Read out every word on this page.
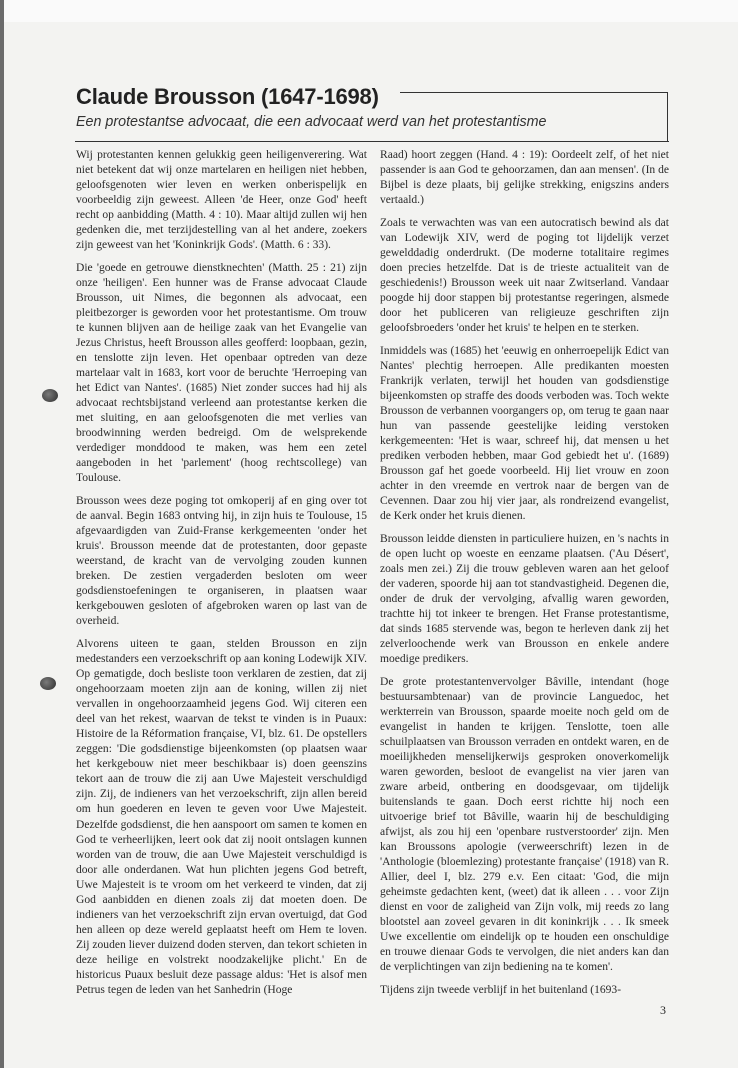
Claude Brousson (1647-1698)
Een protestantse advocaat, die een advocaat werd van het protestantisme

Wij protestanten kennen gelukkig geen heiligenverering. Wat niet betekent dat wij onze martelaren en heiligen niet hebben, geloofsgenoten wier leven en werken onberispelijk en voorbeeldig zijn geweest. Alleen 'de Heer, onze God' heeft recht op aanbidding (Matth. 4 : 10). Maar altijd zullen wij hen gedenken die, met terzijdestelling van al het andere, zoekers zijn geweest van het 'Koninkrijk Gods'. (Matth. 6 : 33).

Die 'goede en getrouwe dienstknechten' (Matth. 25 : 21) zijn onze 'heiligen'. Een hunner was de Franse advocaat Claude Brousson, uit Nimes, die begonnen als advocaat, een pleitbezorger is geworden voor het protestantisme. Om trouw te kunnen blijven aan de heilige zaak van het Evangelie van Jezus Christus, heeft Brousson alles geofferd: loopbaan, gezin, en tenslotte zijn leven. Het openbaar optreden van deze martelaar valt in 1683, kort voor de beruchte 'Herroeping van het Edict van Nantes'. (1685) Niet zonder succes had hij als advocaat rechtsbijstand verleend aan protestantse kerken die met sluiting, en aan geloofsgenoten die met verlies van broodwinning werden bedreigd. Om de welsprekende verdediger monddood te maken, was hem een zetel aangeboden in het 'parlement' (hoog rechtscollege) van Toulouse.

Brousson wees deze poging tot omkoperij af en ging over tot de aanval. Begin 1683 ontving hij, in zijn huis te Toulouse, 15 afgevaardigden van Zuid-Franse kerkgemeenten 'onder het kruis'. Brousson meende dat de protestanten, door gepaste weerstand, de kracht van de vervolging zouden kunnen breken. De zestien vergaderden besloten om weer godsdienstoefeningen te organiseren, in plaatsen waar kerkgebouwen gesloten of afgebroken waren op last van de overheid.

Alvorens uiteen te gaan, stelden Brousson en zijn medestanders een verzoekschrift op aan koning Lodewijk XIV. Op gematigde, doch besliste toon verklaren de zestien, dat zij ongehoorzaam moeten zijn aan de koning, willen zij niet vervallen in ongehoorzaamheid jegens God. Wij citeren een deel van het rekest, waarvan de tekst te vinden is in Puaux: Histoire de la Réformation française, VI, blz. 61. De opstellers zeggen: 'Die godsdienstige bijeenkomsten (op plaatsen waar het kerkgebouw niet meer beschikbaar is) doen geenszins tekort aan de trouw die zij aan Uwe Majesteit verschuldigd zijn. Zij, de indieners van het verzoekschrift, zijn allen bereid om hun goederen en leven te geven voor Uwe Majesteit. Dezelfde godsdienst, die hen aanspoort om samen te komen en God te verheerlijken, leert ook dat zij nooit ontslagen kunnen worden van de trouw, die aan Uwe Majesteit verschuldigd is door alle onderdanen. Wat hun plichten jegens God betreft, Uwe Majesteit is te vroom om het verkeerd te vinden, dat zij God aanbidden en dienen zoals zij dat moeten doen. De indieners van het verzoekschrift zijn ervan overtuigd, dat God hen alleen op deze wereld geplaatst heeft om Hem te loven. Zij zouden liever duizend doden sterven, dan tekort schieten in deze heilige en volstrekt noodzakelijke plicht.' En de historicus Puaux besluit deze passage aldus: 'Het is alsof men Petrus tegen de leden van het Sanhedrin (Hoge

Raad) hoort zeggen (Hand. 4 : 19): Oordeelt zelf, of het niet passender is aan God te gehoorzamen, dan aan mensen'. (In de Bijbel is deze plaats, bij gelijke strekking, enigszins anders vertaald.)

Zoals te verwachten was van een autocratisch bewind als dat van Lodewijk XIV, werd de poging tot lijdelijk verzet gewelddadig onderdrukt. (De moderne totalitaire regimes doen precies hetzelfde. Dat is de trieste actualiteit van de geschiedenis!) Brousson week uit naar Zwitserland. Vandaar poogde hij door stappen bij protestantse regeringen, alsmede door het publiceren van religieuze geschriften zijn geloofsbroeders 'onder het kruis' te helpen en te sterken.

Inmiddels was (1685) het 'eeuwig en onherroepelijk Edict van Nantes' plechtig herroepen. Alle predikanten moesten Frankrijk verlaten, terwijl het houden van godsdienstige bijeenkomsten op straffe des doods verboden was. Toch wekte Brousson de verbannen voorgangers op, om terug te gaan naar hun van passende geestelijke leiding verstoken kerkgemeenten: 'Het is waar, schreef hij, dat mensen u het prediken verboden hebben, maar God gebiedt het u'. (1689) Brousson gaf het goede voorbeeld. Hij liet vrouw en zoon achter in den vreemde en vertrok naar de bergen van de Cevennen. Daar zou hij vier jaar, als rondreizend evangelist, de Kerk onder het kruis dienen.

Brousson leidde diensten in particuliere huizen, en 's nachts in de open lucht op woeste en eenzame plaatsen. ('Au Désert', zoals men zei.) Zij die trouw gebleven waren aan het geloof der vaderen, spoorde hij aan tot standvastigheid. Degenen die, onder de druk der vervolging, afvallig waren geworden, trachtte hij tot inkeer te brengen. Het Franse protestantisme, dat sinds 1685 stervende was, begon te herleven dank zij het zelverloochende werk van Brousson en enkele andere moedige predikers.

De grote protestantenvervolger Bâville, intendant (hoge bestuursambtenaar) van de provincie Languedoc, het werkterrein van Brousson, spaarde moeite noch geld om de evangelist in handen te krijgen. Tenslotte, toen alle schuilplaatsen van Brousson verraden en ontdekt waren, en de moeilijkheden menselijkerwijs gesproken onoverkomelijk waren geworden, besloot de evangelist na vier jaren van zware arbeid, ontbering en doodsgevaar, om tijdelijk buitenslands te gaan. Doch eerst richtte hij noch een uitvoerige brief tot Bâville, waarin hij de beschuldiging afwijst, als zou hij een 'openbare rustverstoorder' zijn. Men kan Broussons apologie (verweerschrift) lezen in de 'Anthologie (bloemlezing) protestante française' (1918) van R. Allier, deel I, blz. 279 e.v. Een citaat: 'God, die mijn geheimste gedachten kent, (weet) dat ik alleen . . . voor Zijn dienst en voor de zaligheid van Zijn volk, mij reeds zo lang blootstel aan zoveel gevaren in dit koninkrijk . . . Ik smeek Uwe excellentie om eindelijk op te houden een onschuldige en trouwe dienaar Gods te vervolgen, die niet anders kan dan de verplichtingen van zijn bediening na te komen'.

Tijdens zijn tweede verblijf in het buitenland (1693-

3
